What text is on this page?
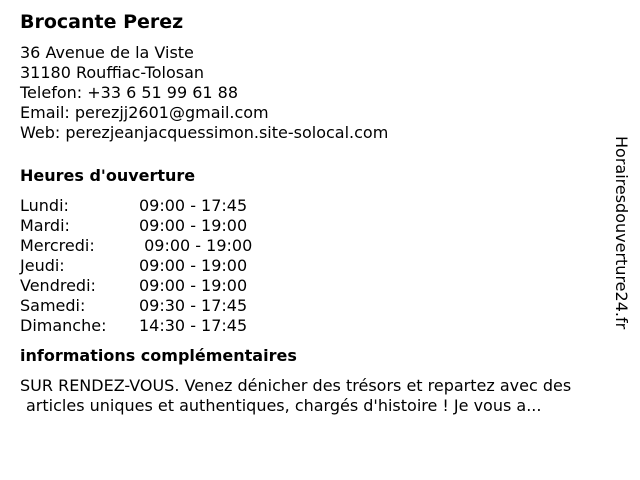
Brocante Perez
36 Avenue de la Viste
31180 Rouffiac-Tolosan
Telefon: +33 6 51 99 61 88
Email: perezjj2601@gmail.com
Web: perezjeanjacquessimon.site-solocal.com
Heures d'ouverture
Lundi:	09:00 - 17:45
Mardi:	09:00 - 19:00
Mercredi:	09:00 - 19:00
Jeudi:	09:00 - 19:00
Vendredi:	09:00 - 19:00
Samedi:	09:30 - 17:45
Dimanche:	14:30 - 17:45
informations complémentaires

SUR RENDEZ-VOUS. Venez dénicher des trésors et repartez avec des
articles uniques et authentiques, chargés d'histoire ! Je vous a...

Horairesdouverture24.fr
